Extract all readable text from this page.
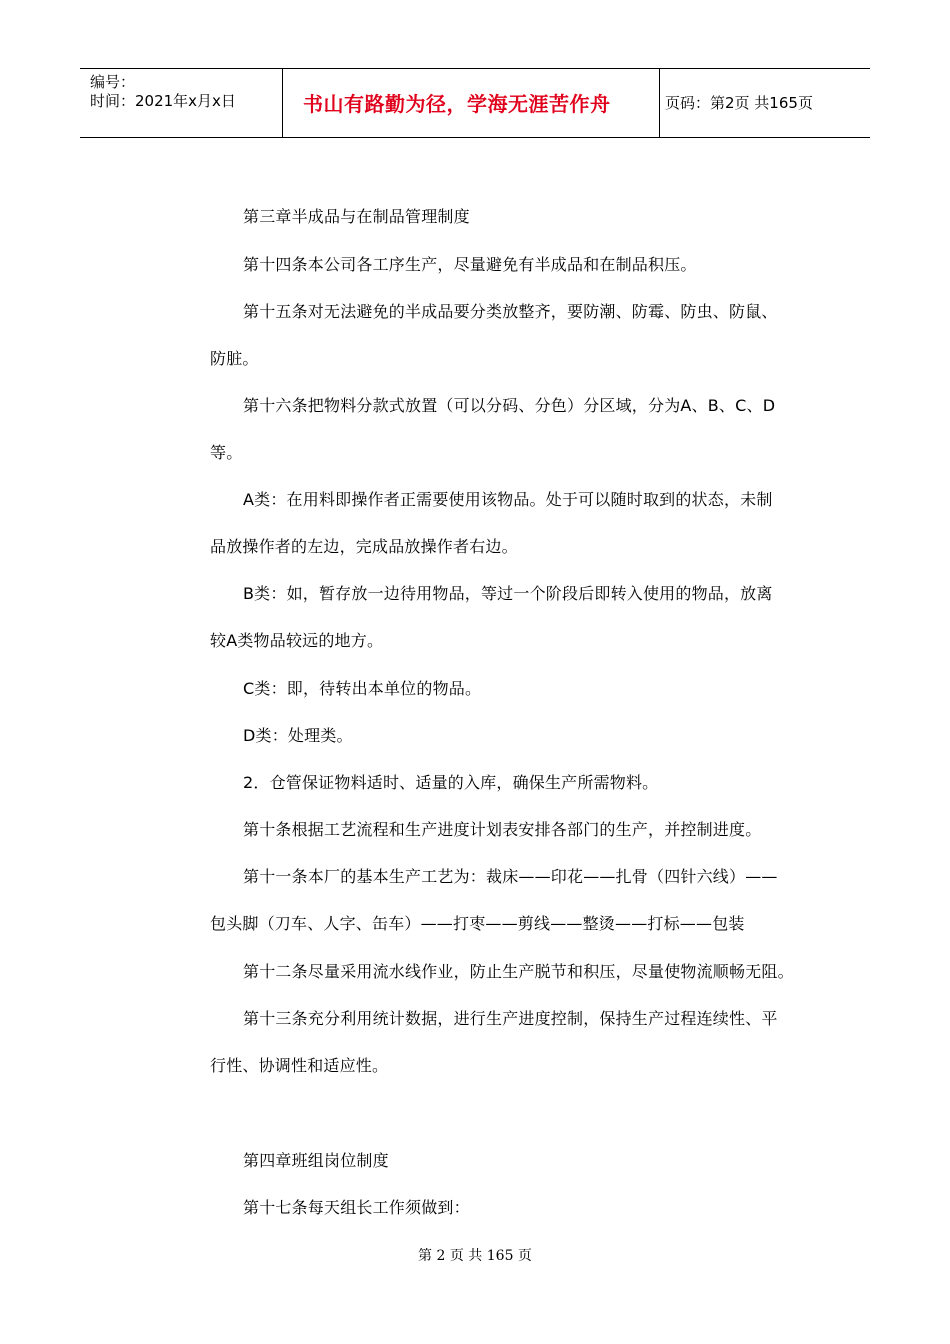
编号：
时间：2021年x月x日	书山有路勤为径，学海无涯苦作舟	页码：第2页 共165页
第三章半成品与在制品管理制度
第十四条本公司各工序生产，尽量避免有半成品和在制品积压。
第十五条对无法避免的半成品要分类放整齐，要防潮、防霉、防虫、防鼠、
防脏。
第十六条把物料分款式放置（可以分码、分色）分区域，分为A、B、C、D
等。
A类：在用料即操作者正需要使用该物品。处于可以随时取到的状态，未制
品放操作者的左边，完成品放操作者右边。
B类：如，暂存放一边待用物品，等过一个阶段后即转入使用的物品，放离
较A类物品较远的地方。
C类：即，待转出本单位的物品。
D类：处理类。
2．仓管保证物料适时、适量的入库，确保生产所需物料。
第十条根据工艺流程和生产进度计划表安排各部门的生产，并控制进度。
第十一条本厂的基本生产工艺为：裁床——印花——扎骨（四针六线）——
包头脚（刀车、人字、缶车）——打枣——剪线——整烫——打标——包装
第十二条尽量采用流水线作业，防止生产脱节和积压，尽量使物流顺畅无阻。
第十三条充分利用统计数据，进行生产进度控制，保持生产过程连续性、平
行性、协调性和适应性。
第四章班组岗位制度
第十七条每天组长工作须做到：
第 2 页 共 165 页
